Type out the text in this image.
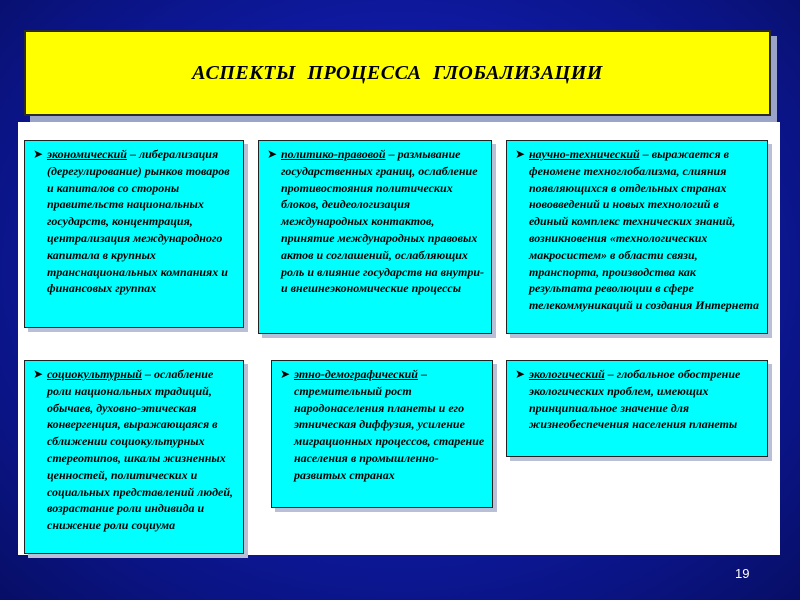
АСПЕКТЫ ПРОЦЕССА ГЛОБАЛИЗАЦИИ
➤ экономический – либерализация (дерегулирование) рынков товаров и капиталов со стороны правительств национальных государств, концентрация, централизация международного капитала в крупных транснациональных компаниях и финансовых группах
➤ политико-правовой – размывание государственных границ, ослабление противостояния политических блоков, деидеологизация международных контактов, принятие международных правовых актов и соглашений, ослабляющих роль и влияние государств на внутри- и внешнеэкономические процессы
➤ научно-технический – выражается в феномене техноглобализма, слияния появляющихся в отдельных странах нововведений и новых технологий в единый комплекс технических знаний, возникновения «технологических макросистем» в области связи, транспорта, производства как результата революции в сфере телекоммуникаций и создания Интернета
➤ социокультурный – ослабление роли национальных традиций, обычаев, духовно-этическая конвергенция, выражающаяся в сближении социокультурных стереотипов, шкалы жизненных ценностей, политических и социальных представлений людей, возрастание роли индивида и снижение роли социума
➤ этно-демографический – стремительный рост народонаселения планеты и его этническая диффузия, усиление миграционных процессов, старение населения в промышленно-развитых странах
➤ экологический – глобальное обострение экологических проблем, имеющих принципиальное значение для жизнеобеспечения населения планеты
19
